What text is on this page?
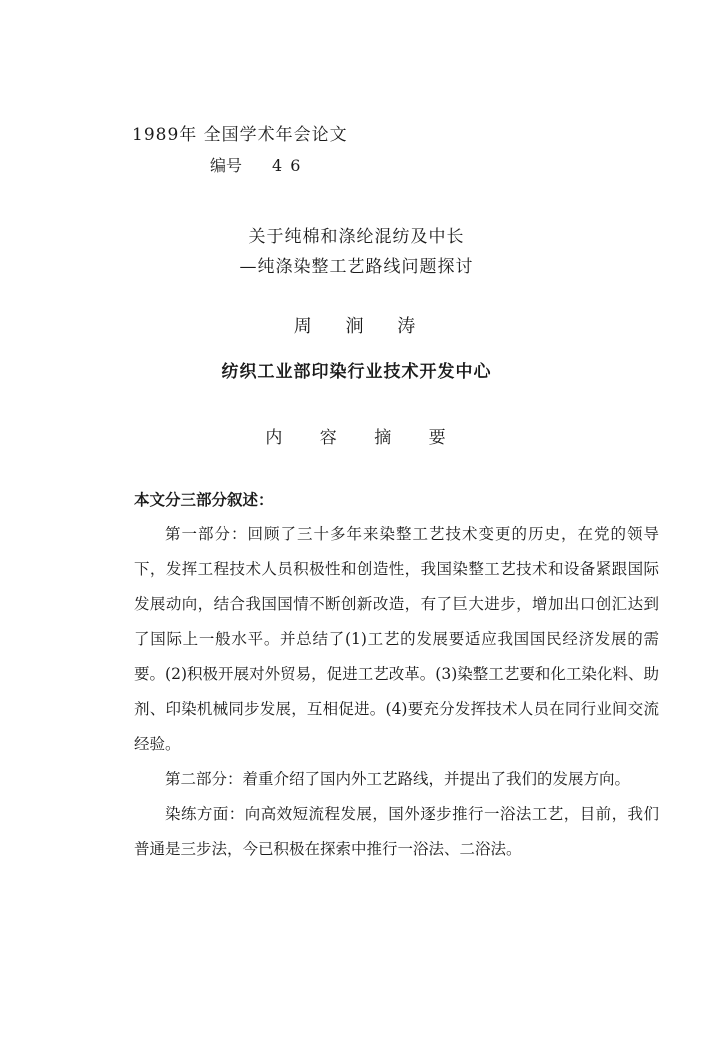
1989年 全国学术年会论文
编号 46
关于纯棉和涤纶混纺及中长
—纯涤染整工艺路线问题探讨
周 涧 涛
纺织工业部印染行业技术开发中心
内 容 摘 要

本文分三部分叙述：

第一部分：回顾了三十多年来染整工艺技术变更的历史，在党的领导下，发挥工程技术人员积极性和创造性，我国染整工艺技术和设备紧跟国际发展动向，结合我国国情不断创新改造，有了巨大进步，增加出口创汇达到了国际上一般水平。并总结了(1)工艺的发展要适应我国国民经济发展的需要。(2)积极开展对外贸易，促进工艺改革。(3)染整工艺要和化工染化料、助剂、印染机械同步发展，互相促进。(4)要充分发挥技术人员在同行业间交流经验。

第二部分：着重介绍了国内外工艺路线，并提出了我们的发展方向。

染练方面：向高效短流程发展，国外逐步推行一浴法工艺，目前，我们普通是三步法，今已积极在探索中推行一浴法、二浴法。
